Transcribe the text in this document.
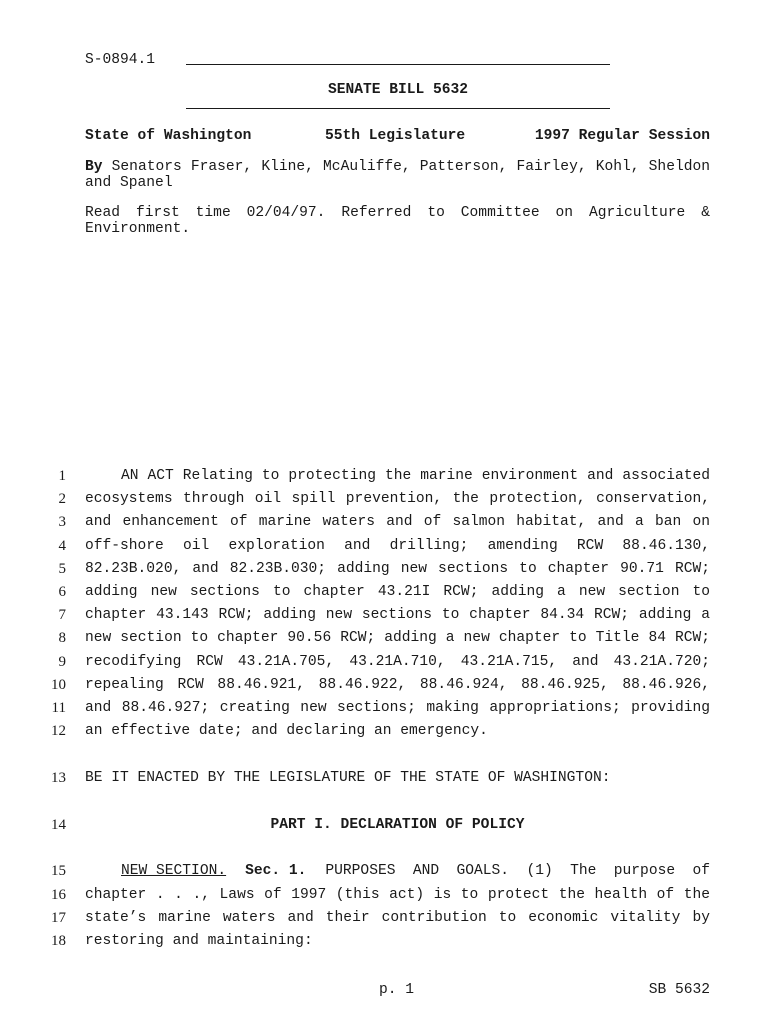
S-0894.1
SENATE BILL 5632
State of Washington	55th Legislature	1997 Regular Session
By Senators Fraser, Kline, McAuliffe, Patterson, Fairley, Kohl, Sheldon
and Spanel
Read first time 02/04/97. Referred to Committee on Agriculture &
Environment.
1	AN ACT Relating to protecting the marine environment and associated
2 ecosystems through oil spill prevention, the protection, conservation,
3 and enhancement of marine waters and of salmon habitat, and a ban on
4 off-shore oil exploration and drilling; amending RCW 88.46.130,
5 82.23B.020, and 82.23B.030; adding new sections to chapter 90.71 RCW;
6 adding new sections to chapter 43.21I RCW; adding a new section to
7 chapter 43.143 RCW; adding new sections to chapter 84.34 RCW; adding a
8 new section to chapter 90.56 RCW; adding a new chapter to Title 84 RCW;
9 recodifying RCW 43.21A.705, 43.21A.710, 43.21A.715, and 43.21A.720;
10 repealing RCW 88.46.921, 88.46.922, 88.46.924, 88.46.925, 88.46.926,
11 and 88.46.927; creating new sections; making appropriations; providing
12 an effective date; and declaring an emergency.
13 BE IT ENACTED BY THE LEGISLATURE OF THE STATE OF WASHINGTON:
14	PART I. DECLARATION OF POLICY
15	NEW SECTION. Sec. 1. PURPOSES AND GOALS. (1) The purpose of
16 chapter . . ., Laws of 1997 (this act) is to protect the health of the
17 state’s marine waters and their contribution to economic vitality by
18 restoring and maintaining:
p. 1	SB 5632
